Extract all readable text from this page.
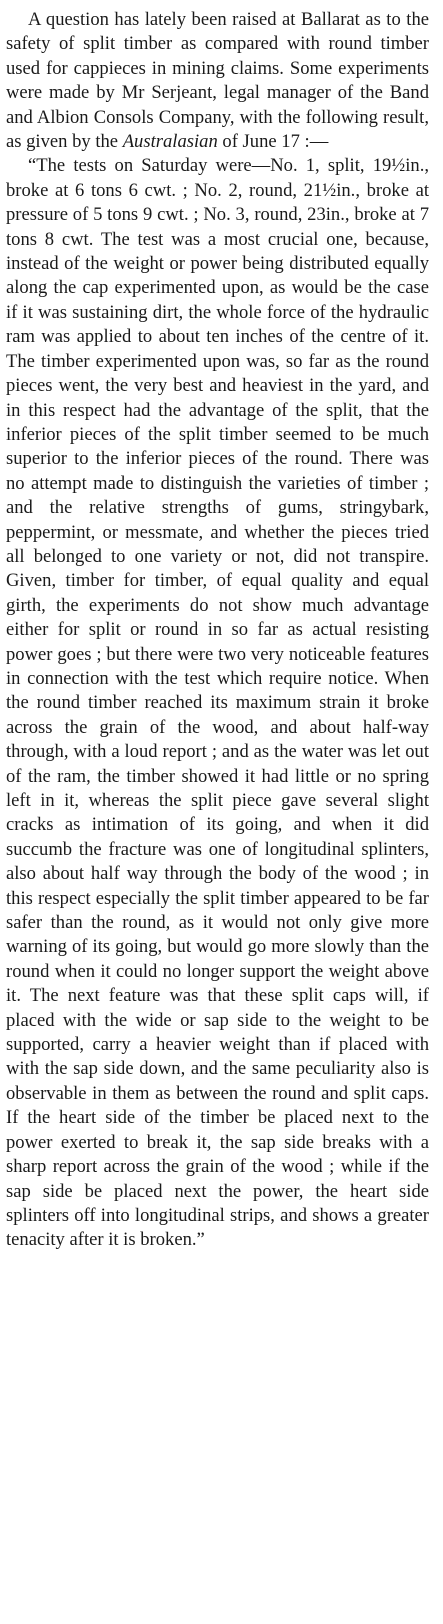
A question has lately been raised at Ballarat as to the safety of split timber as compared with round timber used for cappieces in mining claims. Some experiments were made by Mr Serjeant, legal manager of the Band and Albion Consols Company, with the following result, as given by the Australasian of June 17 :—

“The tests on Saturday were—No. 1, split, 19½in., broke at 6 tons 6 cwt. ; No. 2, round, 21½in., broke at pressure of 5 tons 9 cwt. ; No. 3, round, 23in., broke at 7 tons 8 cwt. The test was a most crucial one, because, instead of the weight or power being distributed equally along the cap experimented upon, as would be the case if it was sustaining dirt, the whole force of the hydraulic ram was applied to about ten inches of the centre of it. The timber experimented upon was, so far as the round pieces went, the very best and heaviest in the yard, and in this respect had the advantage of the split, that the inferior pieces of the split timber seemed to be much superior to the inferior pieces of the round. There was no attempt made to distinguish the varieties of timber ; and the relative strengths of gums, stringybark, peppermint, or messmate, and whether the pieces tried all belonged to one variety or not, did not transpire. Given, timber for timber, of equal quality and equal girth, the experiments do not show much advantage either for split or round in so far as actual resisting power goes ; but there were two very noticeable features in connection with the test which require notice. When the round timber reached its maximum strain it broke across the grain of the wood, and about half-way through, with a loud report ; and as the water was let out of the ram, the timber showed it had little or no spring left in it, whereas the split piece gave several slight cracks as intimation of its going, and when it did succumb the fracture was one of longitudinal splinters, also about half way through the body of the wood ; in this respect especially the split timber appeared to be far safer than the round, as it would not only give more warning of its going, but would go more slowly than the round when it could no longer support the weight above it. The next feature was that these split caps will, if placed with the wide or sap side to the weight to be supported, carry a heavier weight than if placed with with the sap side down, and the same peculiarity also is observable in them as between the round and split caps. If the heart side of the timber be placed next to the power exerted to break it, the sap side breaks with a sharp report across the grain of the wood ; while if the sap side be placed next the power, the heart side splinters off into longitudinal strips, and shows a greater tenacity after it is broken.”
